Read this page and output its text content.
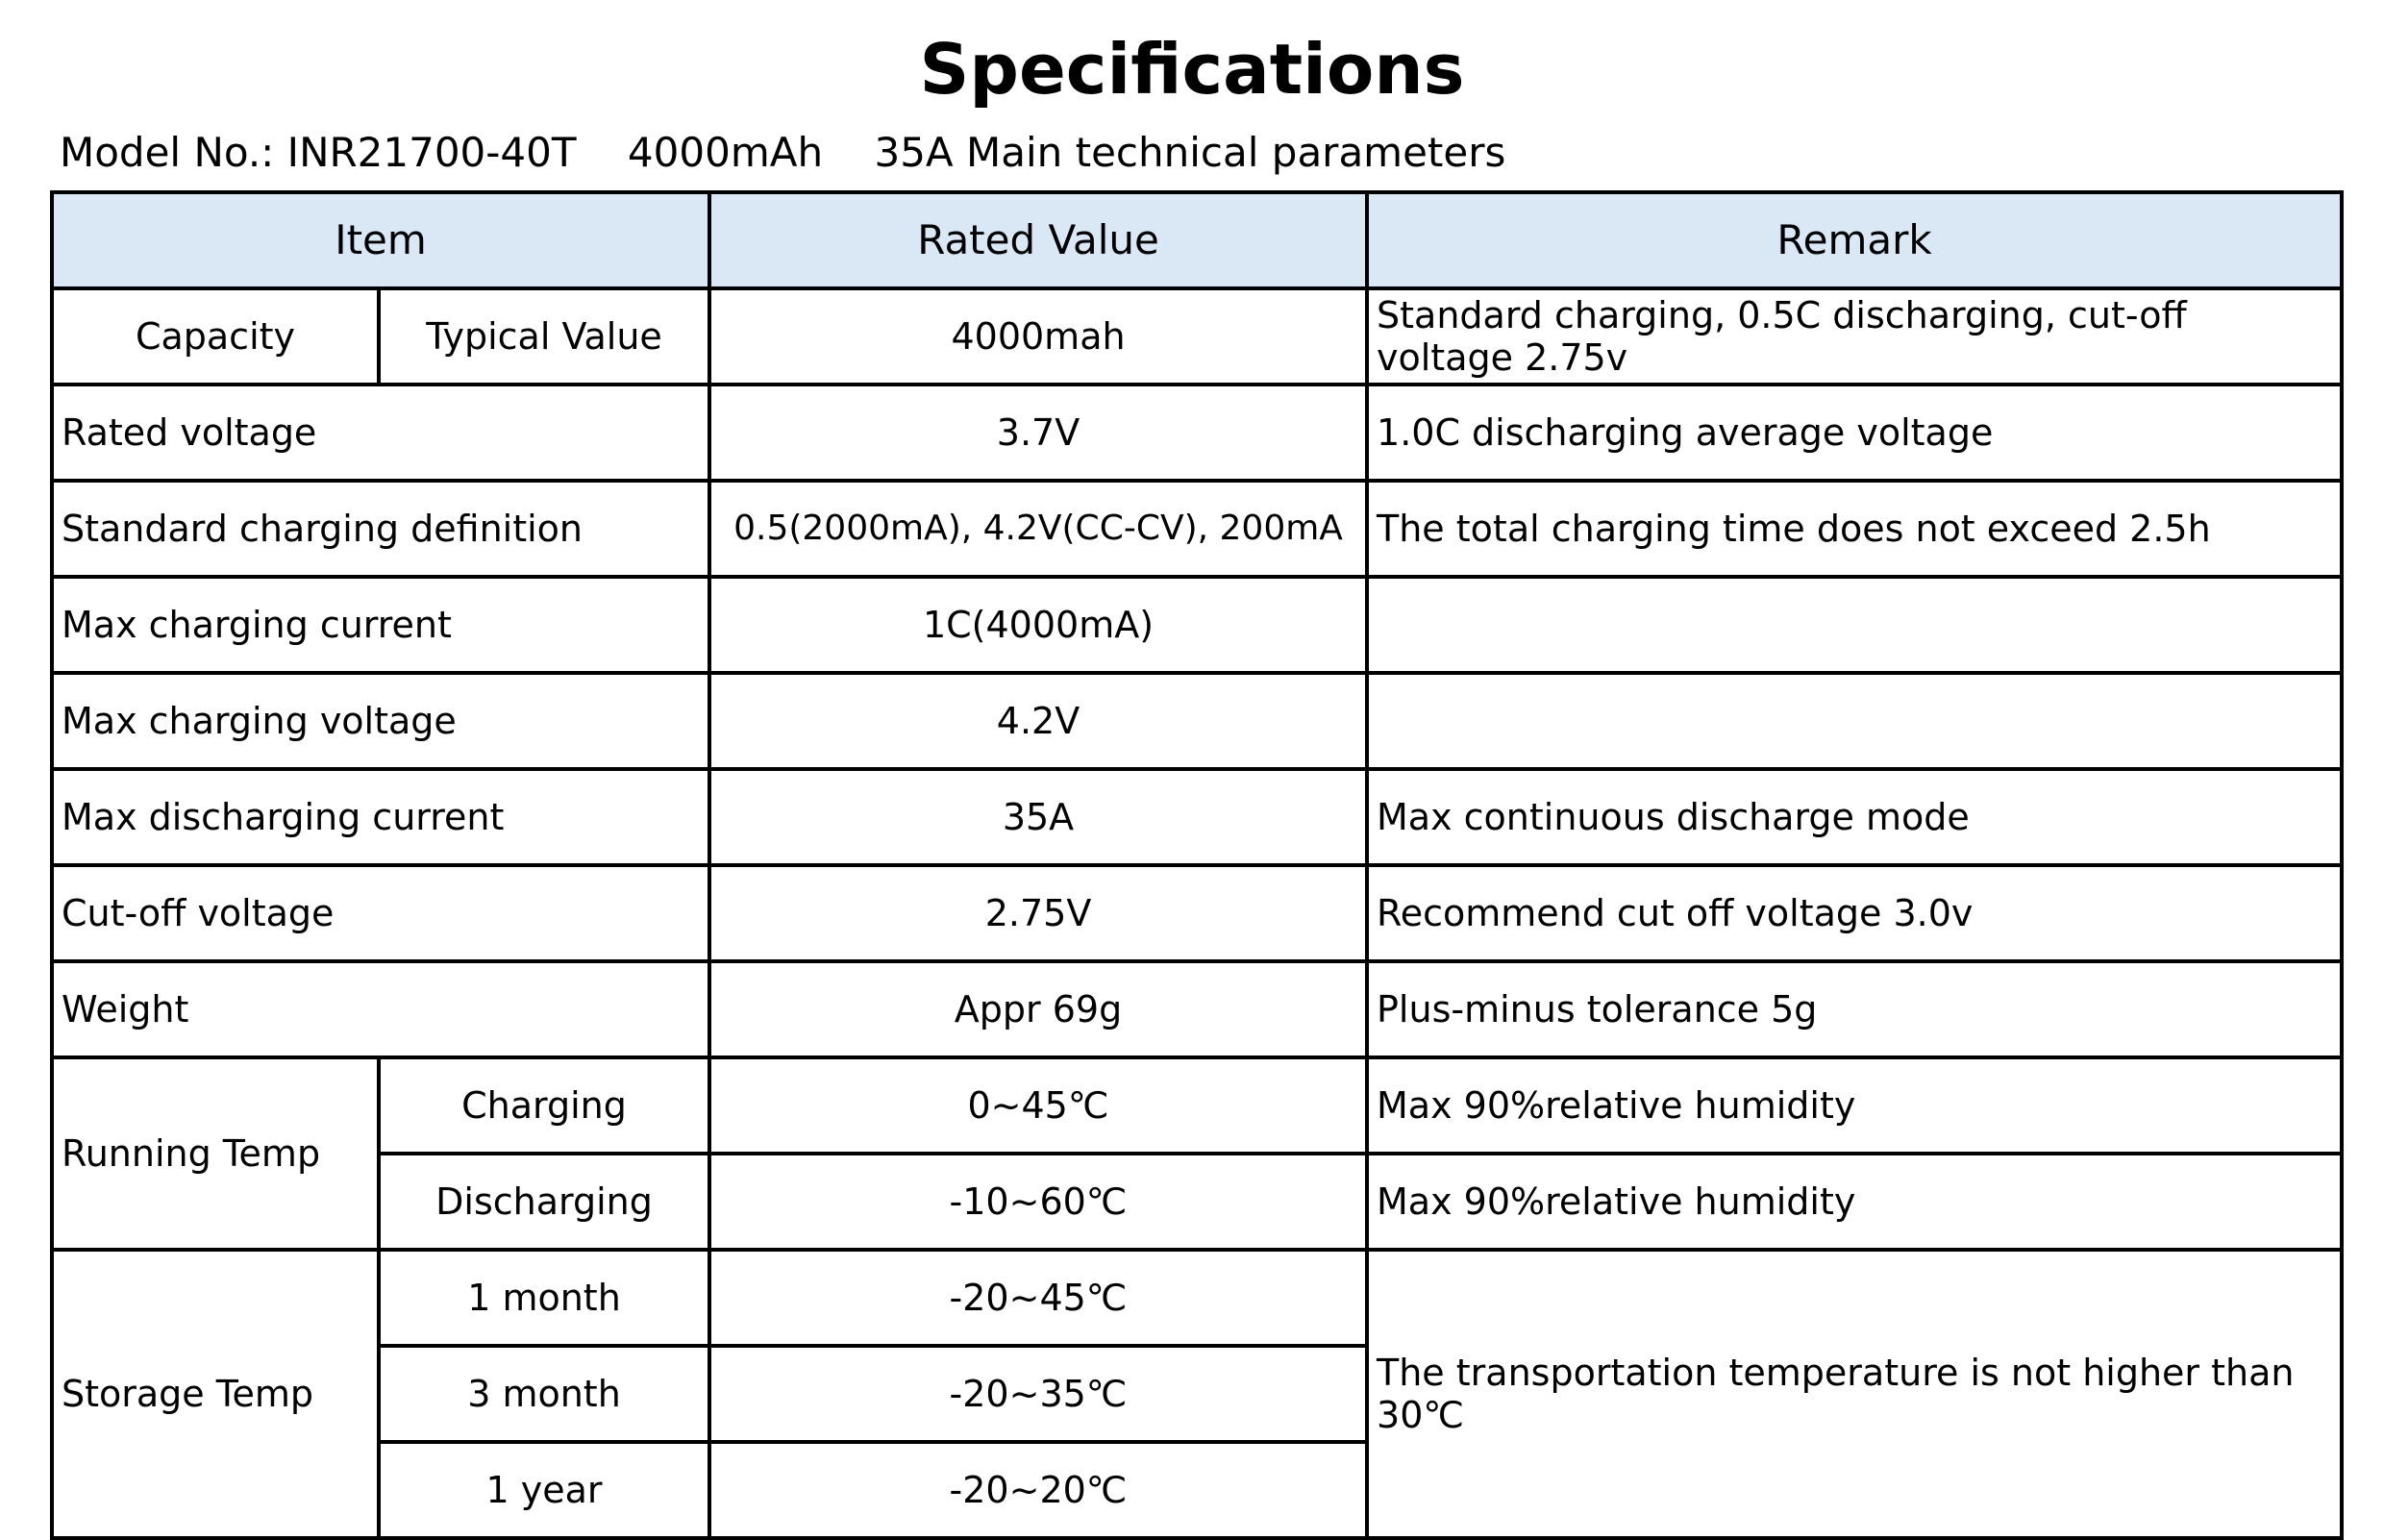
Specifications
Model No.: INR21700-40T    4000mAh    35A Main technical parameters
Item		Rated Value	Remark
Capacity	Typical Value	4000mah	Standard charging, 0.5C discharging, cut-off voltage 2.75v
Rated voltage		3.7V	1.0C discharging average voltage
Standard charging definition		0.5(2000mA), 4.2V(CC-CV), 200mA	The total charging time does not exceed 2.5h
Max charging current		1C(4000mA)	
Max charging voltage		4.2V	
Max discharging current		35A	Max continuous discharge mode
Cut-off voltage		2.75V	Recommend cut off voltage 3.0v
Weight		Appr 69g	Plus-minus tolerance 5g
Running Temp	Charging	0~45℃	Max 90%relative humidity
	Discharging	-10~60℃	Max 90%relative humidity
Storage Temp	1 month	-20~45℃	The transportation temperature is not higher than 30℃
	3 month	-20~35℃	
	1 year	-20~20℃	
